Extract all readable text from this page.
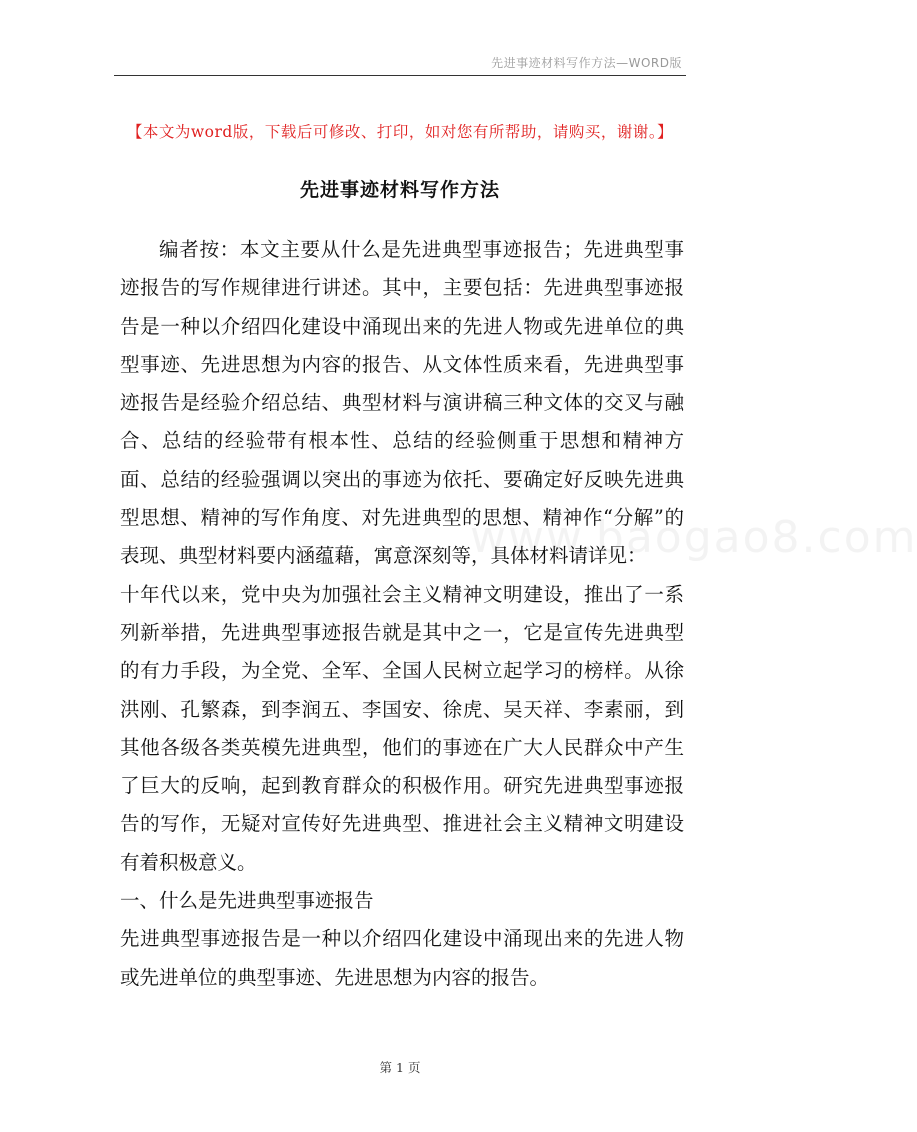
先进事迹材料写作方法—WORD版
【本文为word版，下载后可修改、打印，如对您有所帮助，请购买，谢谢。】
先进事迹材料写作方法
www.baogao8.com

编者按：本文主要从什么是先进典型事迹报告；先进典型事迹报告的写作规律进行讲述。其中，主要包括：先进典型事迹报告是一种以介绍四化建设中涌现出来的先进人物或先进单位的典型事迹、先进思想为内容的报告、从文体性质来看，先进典型事迹报告是经验介绍总结、典型材料与演讲稿三种文体的交叉与融合、总结的经验带有根本性、总结的经验侧重于思想和精神方面、总结的经验强调以突出的事迹为依托、要确定好反映先进典型思想、精神的写作角度、对先进典型的思想、精神作“分解”的表现、典型材料要内涵蕴藉，寓意深刻等，具体材料请详见：

十年代以来，党中央为加强社会主义精神文明建设，推出了一系列新举措，先进典型事迹报告就是其中之一，它是宣传先进典型的有力手段，为全党、全军、全国人民树立起学习的榜样。从徐洪刚、孔繁森，到李润五、李国安、徐虎、吴天祥、李素丽，到其他各级各类英模先进典型，他们的事迹在广大人民群众中产生了巨大的反响，起到教育群众的积极作用。研究先进典型事迹报告的写作，无疑对宣传好先进典型、推进社会主义精神文明建设有着积极意义。

一、什么是先进典型事迹报告

先进典型事迹报告是一种以介绍四化建设中涌现出来的先进人物或先进单位的典型事迹、先进思想为内容的报告。

第 1 页
